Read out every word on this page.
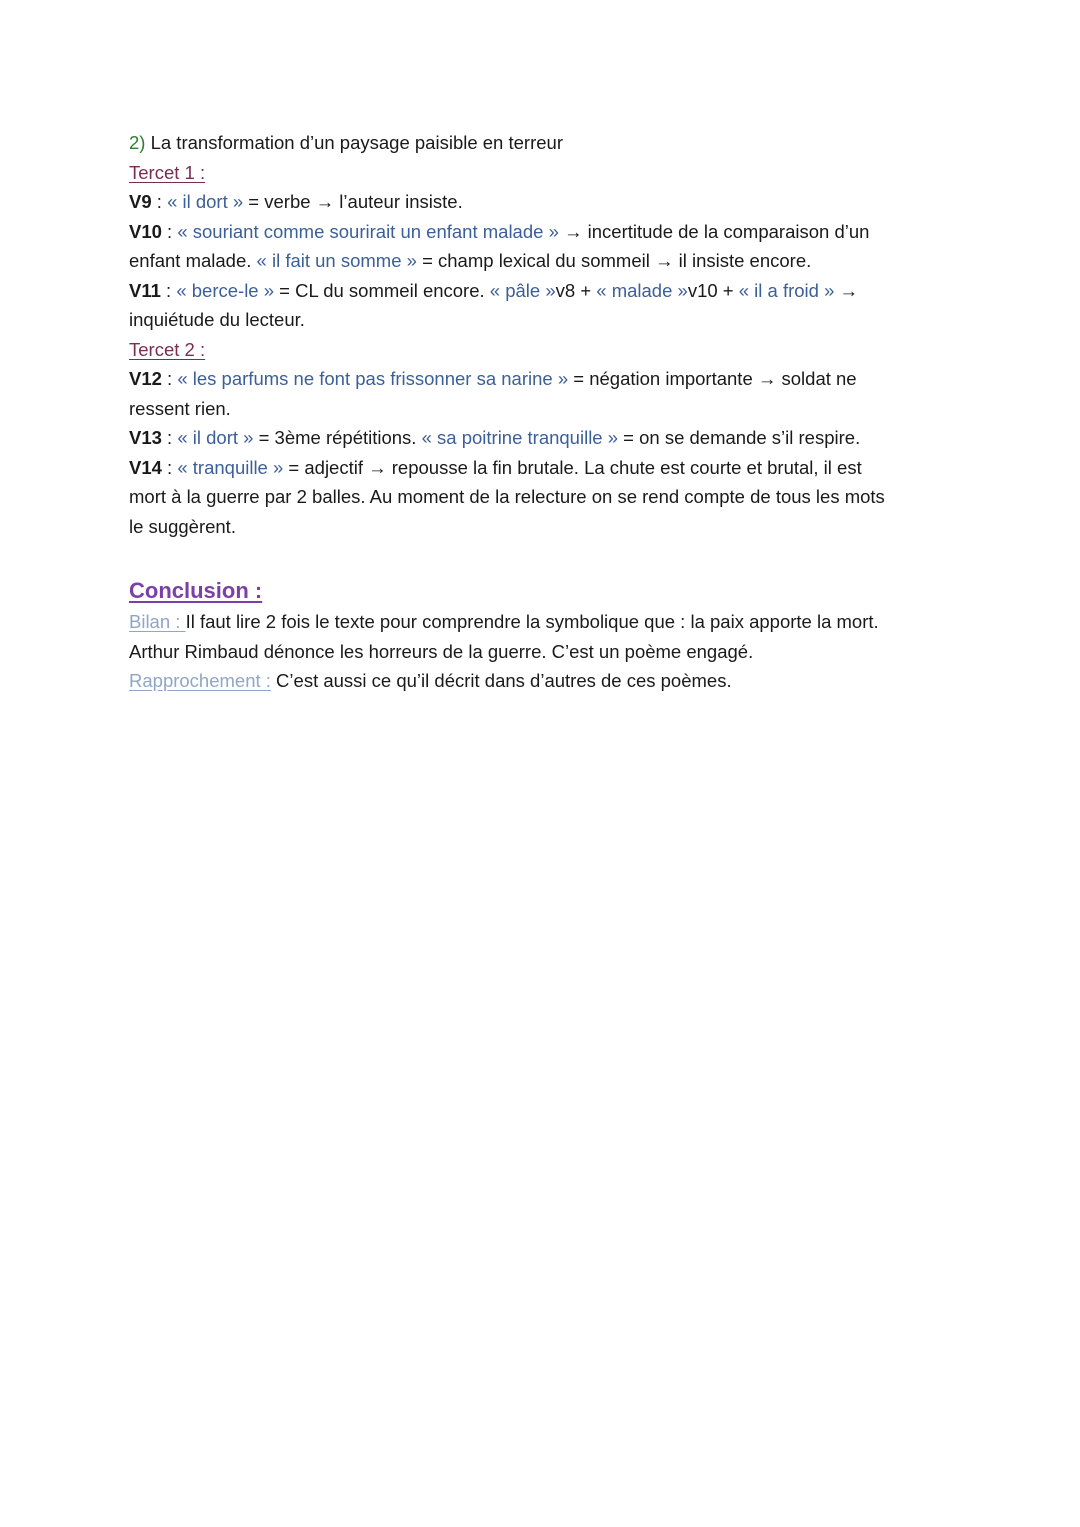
2) La transformation d’un paysage paisible en terreur
Tercet 1 :
V9 : « il dort » = verbe → l’auteur insiste.
V10 : « souriant comme sourirait un enfant malade » → incertitude de la comparaison d’un
enfant malade. « il fait un somme » = champ lexical du sommeil → il insiste encore.
V11 : « berce-le » = CL du sommeil encore. « pâle »v8 + « malade »v10 + « il a froid » →
inquiétude du lecteur.
Tercet 2 :
V12 : « les parfums ne font pas frissonner sa narine » = négation importante → soldat ne
ressent rien.
V13 : « il dort » = 3ème répétitions. « sa poitrine tranquille » = on se demande s’il respire.
V14 : « tranquille » = adjectif → repousse la fin brutale. La chute est courte et brutal, il est
mort à la guerre par 2 balles. Au moment de la relecture on se rend compte de tous les mots
le suggèrent.
Conclusion :
Bilan : Il faut lire 2 fois le texte pour comprendre la symbolique que : la paix apporte la mort.
Arthur Rimbaud dénonce les horreurs de la guerre. C’est un poème engagé.
Rapprochement : C’est aussi ce qu’il décrit dans d’autres de ces poèmes.
